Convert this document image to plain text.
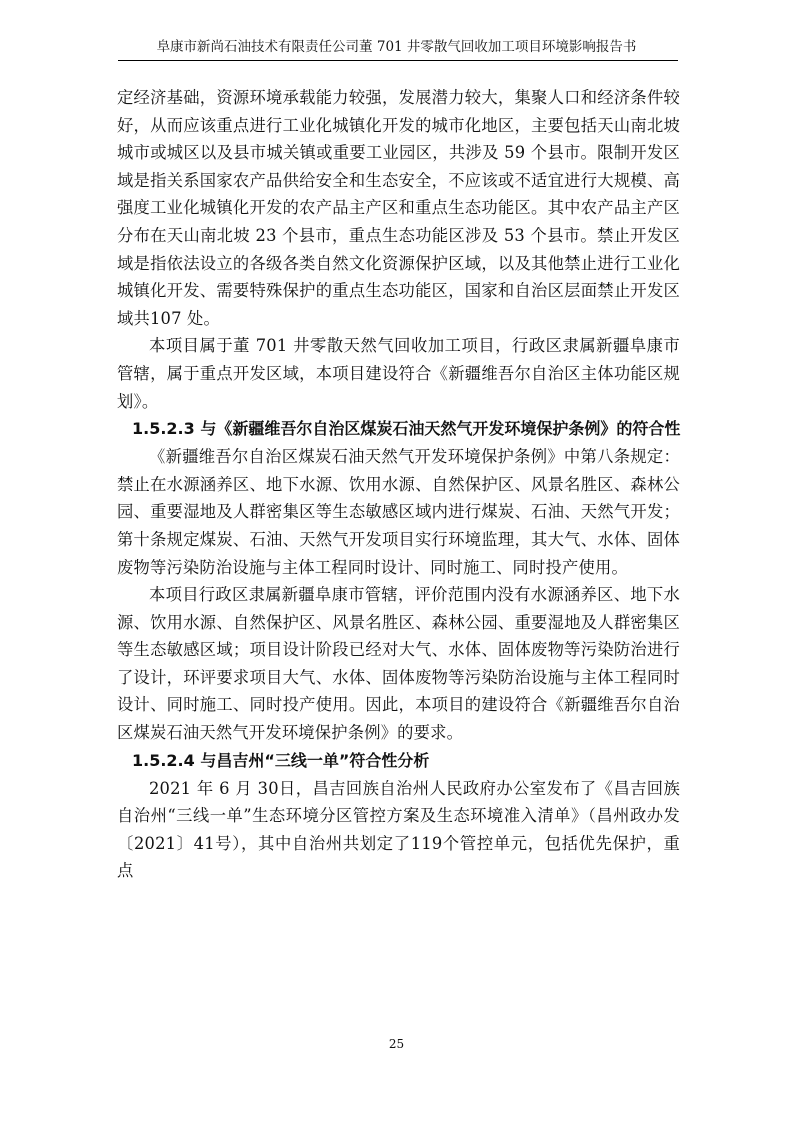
阜康市新尚石油技术有限责任公司董 701 井零散气回收加工项目环境影响报告书

定经济基础，资源环境承载能力较强，发展潜力较大，集聚人口和经济条件较好，从而应该重点进行工业化城镇化开发的城市化地区，主要包括天山南北坡城市或城区以及县市城关镇或重要工业园区，共涉及 59 个县市。限制开发区域是指关系国家农产品供给安全和生态安全，不应该或不适宜进行大规模、高强度工业化城镇化开发的农产品主产区和重点生态功能区。其中农产品主产区分布在天山南北坡 23 个县市，重点生态功能区涉及 53 个县市。禁止开发区域是指依法设立的各级各类自然文化资源保护区域，以及其他禁止进行工业化城镇化开发、需要特殊保护的重点生态功能区，国家和自治区层面禁止开发区域共107 处。

本项目属于董 701 井零散天然气回收加工项目，行政区隶属新疆阜康市管辖，属于重点开发区域，本项目建设符合《新疆维吾尔自治区主体功能区规划》。

1.5.2.3 与《新疆维吾尔自治区煤炭石油天然气开发环境保护条例》的符合性

《新疆维吾尔自治区煤炭石油天然气开发环境保护条例》中第八条规定：禁止在水源涵养区、地下水源、饮用水源、自然保护区、风景名胜区、森林公园、重要湿地及人群密集区等生态敏感区域内进行煤炭、石油、天然气开发；第十条规定煤炭、石油、天然气开发项目实行环境监理，其大气、水体、固体废物等污染防治设施与主体工程同时设计、同时施工、同时投产使用。

本项目行政区隶属新疆阜康市管辖，评价范围内没有水源涵养区、地下水源、饮用水源、自然保护区、风景名胜区、森林公园、重要湿地及人群密集区等生态敏感区域；项目设计阶段已经对大气、水体、固体废物等污染防治进行了设计，环评要求项目大气、水体、固体废物等污染防治设施与主体工程同时设计、同时施工、同时投产使用。因此，本项目的建设符合《新疆维吾尔自治区煤炭石油天然气开发环境保护条例》的要求。

1.5.2.4 与昌吉州“三线一单”符合性分析

2021 年 6 月 30日，昌吉回族自治州人民政府办公室发布了《昌吉回族自治州“三线一单”生态环境分区管控方案及生态环境准入清单》（昌州政办发〔2021〕41号），其中自治州共划定了119个管控单元，包括优先保护，重点

25
